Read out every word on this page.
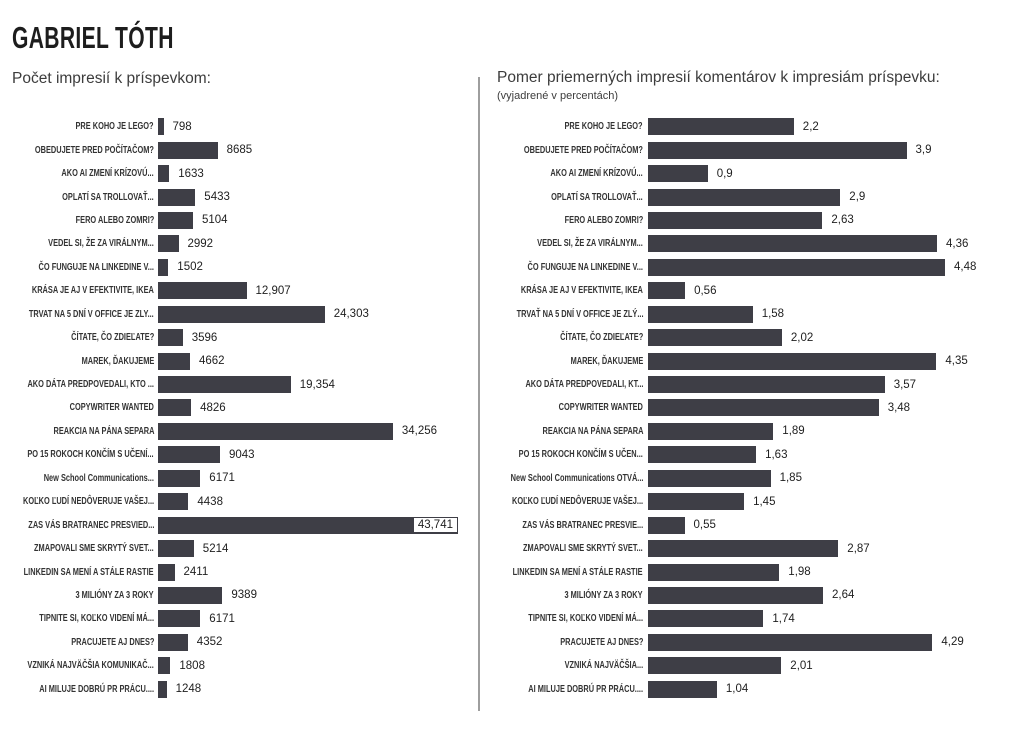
GABRIEL TÓTH
Počet impresií k príspevkom:
PRE KOHO JE LEGO? 798
OBEDUJETE PRED POČÍTAČOM?	8685
AKO AI ZMENÍ KRÍZOVÚ... 1633
OPLATÍ SA TROLLOVAŤ...	5433
FERO ALEBO ZOMRI?	5104
VEDEL SI, ŽE ZA VIRÁLNYM...	2992
ČO FUNGUJE NA LINKEDINE V... 1502
KRÁSA JE AJ V EFEKTIVITE, IKEA	12,907
TRVAT NA 5 DNÍ V OFFICE JE ZLY...	24,303
ČÍTATE, ČO ZDIEĽATE?	3596
MAREK, ĎAKUJEME	4662
AKO DÁTA PREDPOVEDALI, KTO ...	19,354
COPYWRITER WANTED	4826
REAKCIA NA PÁNA SEPARA	34,256
PO 15 ROKOCH KONČÍM S UČENÍ...	9043
New School Communications...	6171
KOĽKO ĽUDÍ NEDÔVERUJE VAŠEJ...	4438
ZAS VÁS BRATRANEC PRESVIED...	43,741
ZMAPOVALI SME SKRYTÝ SVET...	5214
LINKEDIN SA MENÍ A STÁLE RASTIE	2411
3 MILIÓNY ZA 3 ROKY	9389
TIPNITE SI, KOĽKO VIDENÍ MÁ...	6171
PRACUJETE AJ DNES?	4352
VZNIKÁ NAJVÄČŠIA KOMUNIKAČ... 1808
AI MILUJE DOBRÚ PR PRÁCU.... 1248
Pomer priemerných impresií komentárov k impresiám príspevku:
(vyjadrené v percentách)
PRE KOHO JE LEGO?	2,2
OBEDUJETE PRED POČÍTAČOM?	3,9
AKO AI ZMENÍ KRÍZOVÚ...	0,9
OPLATÍ SA TROLLOVAŤ...	2,9
FERO ALEBO ZOMRI?	2,63
VEDEL SI, ŽE ZA VIRÁLNYM...	4,36
ČO FUNGUJE NA LINKEDINE V...	4,48
KRÁSA JE AJ V EFEKTIVITE, IKEA	0,56
TRVAŤ NA 5 DNÍ V OFFICE JE ZLÝ...	1,58
ČÍTATE, ČO ZDIEĽATE?	2,02
MAREK, ĎAKUJEME	4,35
AKO DÁTA PREDPOVEDALI, KT...	3,57
COPYWRITER WANTED	3,48
REAKCIA NA PÁNA SEPARA	1,89
PO 15 ROKOCH KONČÍM S UČEN...	1,63
New School Communications OTVÁ...	1,85
KOĽKO ĽUDÍ NEDÔVERUJE VAŠEJ...	1,45
ZAS VÁS BRATRANEC PRESVIE...	0,55
ZMAPOVALI SME SKRYTÝ SVET...	2,87
LINKEDIN SA MENÍ A STÁLE RASTIE	1,98
3 MILIÓNY ZA 3 ROKY	2,64
TIPNITE SI, KOĽKO VIDENÍ MÁ...	1,74
PRACUJETE AJ DNES?	4,29
VZNIKÁ NAJVÄČŠIA...	2,01
AI MILUJE DOBRÚ PR PRÁCU....	1,04
